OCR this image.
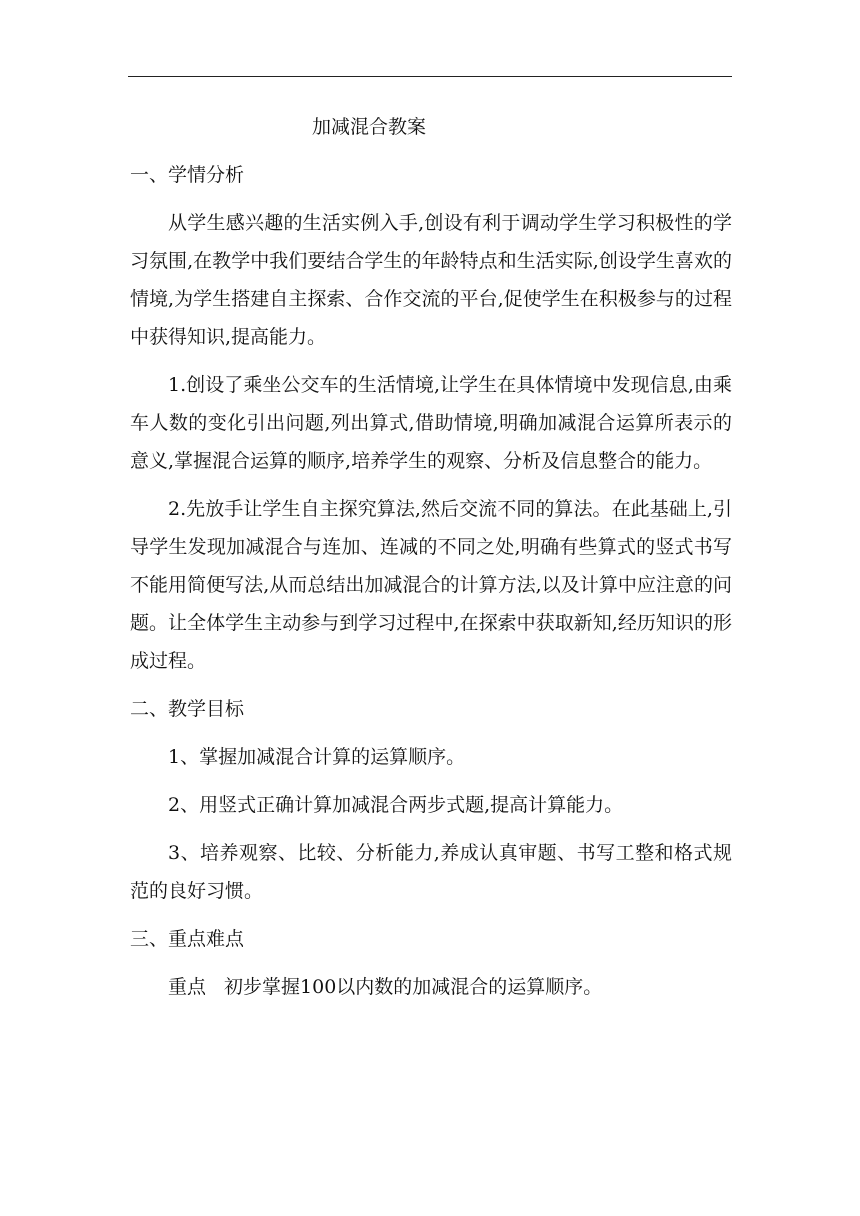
加减混合教案
一、学情分析

从学生感兴趣的生活实例入手,创设有利于调动学生学习积极性的学习氛围,在教学中我们要结合学生的年龄特点和生活实际,创设学生喜欢的情境,为学生搭建自主探索、合作交流的平台,促使学生在积极参与的过程中获得知识,提高能力。

1.创设了乘坐公交车的生活情境,让学生在具体情境中发现信息,由乘车人数的变化引出问题,列出算式,借助情境,明确加减混合运算所表示的意义,掌握混合运算的顺序,培养学生的观察、分析及信息整合的能力。

2.先放手让学生自主探究算法,然后交流不同的算法。在此基础上,引导学生发现加减混合与连加、连减的不同之处,明确有些算式的竖式书写不能用简便写法,从而总结出加减混合的计算方法,以及计算中应注意的问题。让全体学生主动参与到学习过程中,在探索中获取新知,经历知识的形成过程。

二、教学目标

1、掌握加减混合计算的运算顺序。

2、用竖式正确计算加减混合两步式题,提高计算能力。

3、培养观察、比较、分析能力,养成认真审题、书写工整和格式规范的良好习惯。

三、重点难点

重点 初步掌握100以内数的加减混合的运算顺序。
